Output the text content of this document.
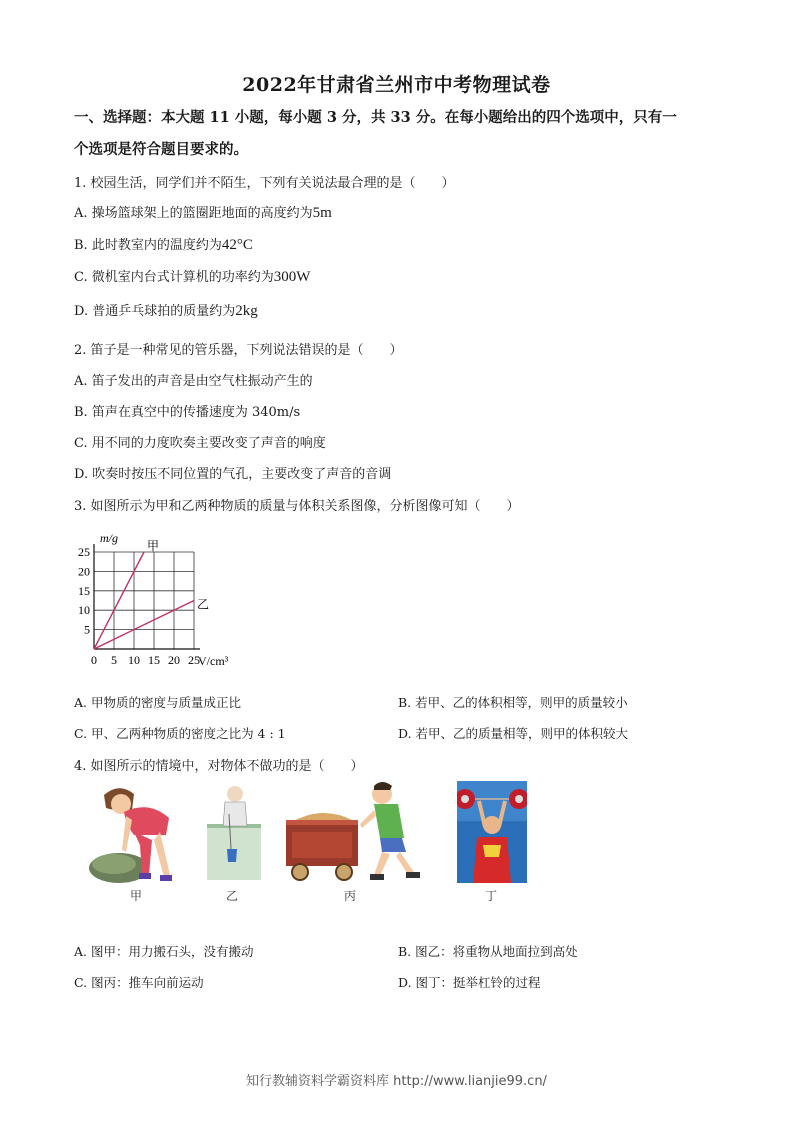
2022年甘肃省兰州市中考物理试卷
一、选择题：本大题 11 小题，每小题 3 分，共 33 分。在每小题给出的四个选项中，只有一
个选项是符合题目要求的。
1. 校园生活，同学们并不陌生，下列有关说法最合理的是（　　）
A. 操场篮球架上的篮圈距地面的高度约为5m
B. 此时教室内的温度约为42°C
C. 微机室内台式计算机的功率约为300W
D. 普通乒乓球拍的质量约为2kg
2. 笛子是一种常见的管乐器，下列说法错误的是（　　）
A. 笛子发出的声音是由空气柱振动产生的
B. 笛声在真空中的传播速度为 340m/s
C. 用不同的力度吹奏主要改变了声音的响度
D. 吹奏时按压不同位置的气孔，主要改变了声音的音调
3. 如图所示为甲和乙两种物质的质量与体积关系图像，分析图像可知（　　）
0 5 10 15 20 25
5
10
15
20
25	甲
乙
m/g
V/cm³
A. 甲物质的密度与质量成正比	B. 若甲、乙的体积相等，则甲的质量较小
C. 甲、乙两种物质的密度之比为 4 : 1	D. 若甲、乙的质量相等，则甲的体积较大
4. 如图所示的情境中，对物体不做功的是（　　）
甲	乙	丙	丁
A. 图甲：用力搬石头，没有搬动	B. 图乙：将重物从地面拉到高处
C. 图丙：推车向前运动	D. 图丁：挺举杠铃的过程
知行教辅资料学霸资料库 http://www.lianjie99.cn/
